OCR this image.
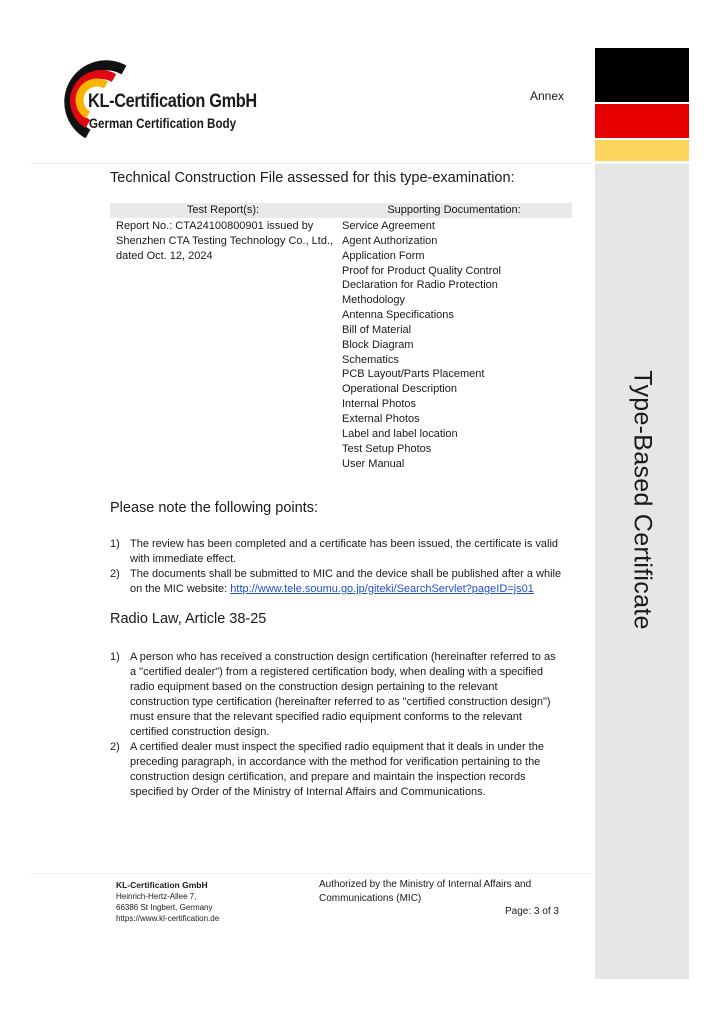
Type-Based Certificate
KL-Certification GmbH
German Certification Body
Annex
Technical Construction File assessed for this type-examination:
Test Report(s):	Supporting Documentation:
Report No.: CTA24100800901 issued by
Shenzhen CTA Testing Technology Co., Ltd.,
dated Oct. 12, 2024
Service Agreement
Agent Authorization
Application Form
Proof for Product Quality Control
Declaration for Radio Protection
Methodology
Antenna Specifications
Bill of Material
Block Diagram
Schematics
PCB Layout/Parts Placement
Operational Description
Internal Photos
External Photos
Label and label location
Test Setup Photos
User Manual
Please note the following points:
1) The review has been completed and a certificate has been issued, the certificate is valid
with immediate effect.
2) The documents shall be submitted to MIC and the device shall be published after a while
on the MIC website: http://www.tele.soumu.go.jp/giteki/SearchServlet?pageID=js01
Radio Law, Article 38-25
1) A person who has received a construction design certification (hereinafter referred to as
a "certified dealer") from a registered certification body, when dealing with a specified
radio equipment based on the construction design pertaining to the relevant
construction type certification (hereinafter referred to as "certified construction design")
must ensure that the relevant specified radio equipment conforms to the relevant
certified construction design.
2) A certified dealer must inspect the specified radio equipment that it deals in under the
preceding paragraph, in accordance with the method for verification pertaining to the
construction design certification, and prepare and maintain the inspection records
specified by Order of the Ministry of Internal Affairs and Communications.
KL-Certification GmbH
Heinrich-Hertz-Allee 7,
66386 St Ingbert, Germany
https://www.kl-certification.de
Authorized by the Ministry of Internal Affairs and
Communications (MIC)
Page: 3 of 3
